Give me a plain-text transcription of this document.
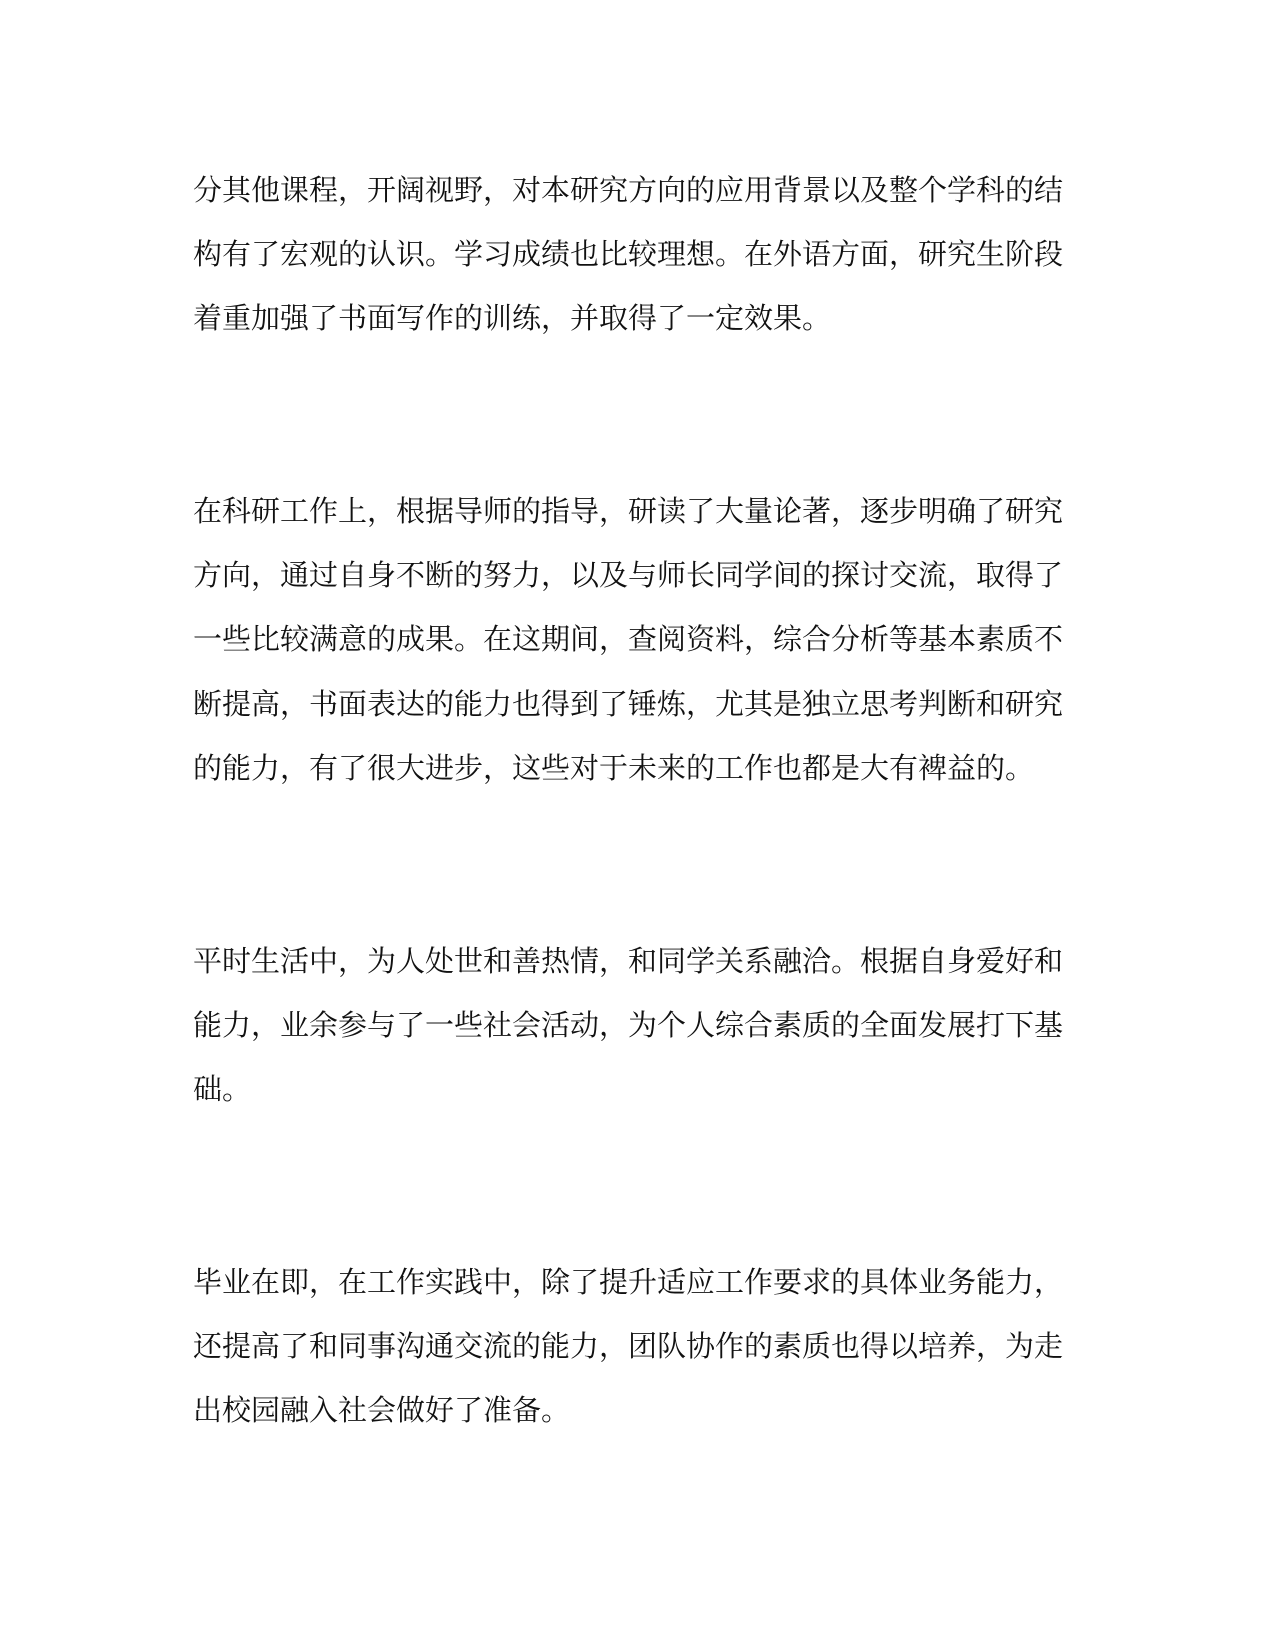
分其他课程，开阔视野，对本研究方向的应用背景以及整个学科的结

构有了宏观的认识。学习成绩也比较理想。在外语方面，研究生阶段

着重加强了书面写作的训练，并取得了一定效果。

在科研工作上，根据导师的指导，研读了大量论著，逐步明确了研究

方向，通过自身不断的努力，以及与师长同学间的探讨交流，取得了

一些比较满意的成果。在这期间，查阅资料，综合分析等基本素质不

断提高，书面表达的能力也得到了锤炼，尤其是独立思考判断和研究

的能力，有了很大进步，这些对于未来的工作也都是大有裨益的。

平时生活中，为人处世和善热情，和同学关系融洽。根据自身爱好和

能力，业余参与了一些社会活动，为个人综合素质的全面发展打下基

础。

毕业在即，在工作实践中，除了提升适应工作要求的具体业务能力，

还提高了和同事沟通交流的能力，团队协作的素质也得以培养，为走

出校园融入社会做好了准备。
